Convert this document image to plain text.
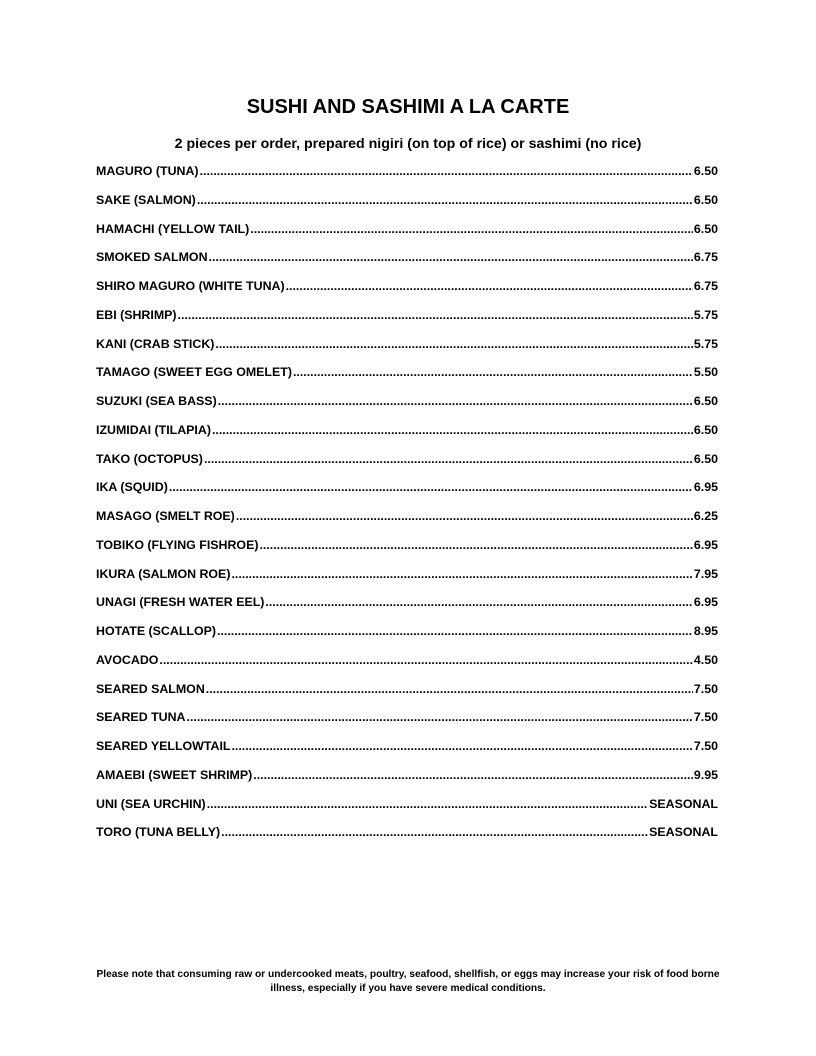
SUSHI AND SASHIMI A LA CARTE
2 pieces per order, prepared nigiri (on top of rice) or sashimi (no rice)
MAGURO (TUNA) .....	6.50
SAKE (SALMON) .....	6.50
HAMACHI (YELLOW TAIL) .....	6.50
SMOKED SALMON .....	6.75
SHIRO MAGURO (WHITE TUNA) .....	6.75
EBI (SHRIMP) .....	5.75
KANI (CRAB STICK) .....	5.75
TAMAGO (SWEET EGG OMELET) .....	5.50
SUZUKI (SEA BASS) .....	6.50
IZUMIDAI (TILAPIA) .....	6.50
TAKO (OCTOPUS) .....	6.50
IKA (SQUID) .....	6.95
MASAGO (SMELT ROE) .....	6.25
TOBIKO (FLYING FISHROE) .....	6.95
IKURA (SALMON ROE) .....	7.95
UNAGI (FRESH WATER EEL) .....	6.95
HOTATE (SCALLOP) .....	8.95
AVOCADO .....	4.50
SEARED SALMON .....	7.50
SEARED TUNA .....	7.50
SEARED YELLOWTAIL .....	7.50
AMAEBI (SWEET SHRIMP) .....	9.95
UNI (SEA URCHIN) .....	SEASONAL
TORO (TUNA BELLY) .....	SEASONAL
Please note that consuming raw or undercooked meats, poultry, seafood, shellfish, or eggs may increase your risk of food borne illness, especially if you have severe medical conditions.
